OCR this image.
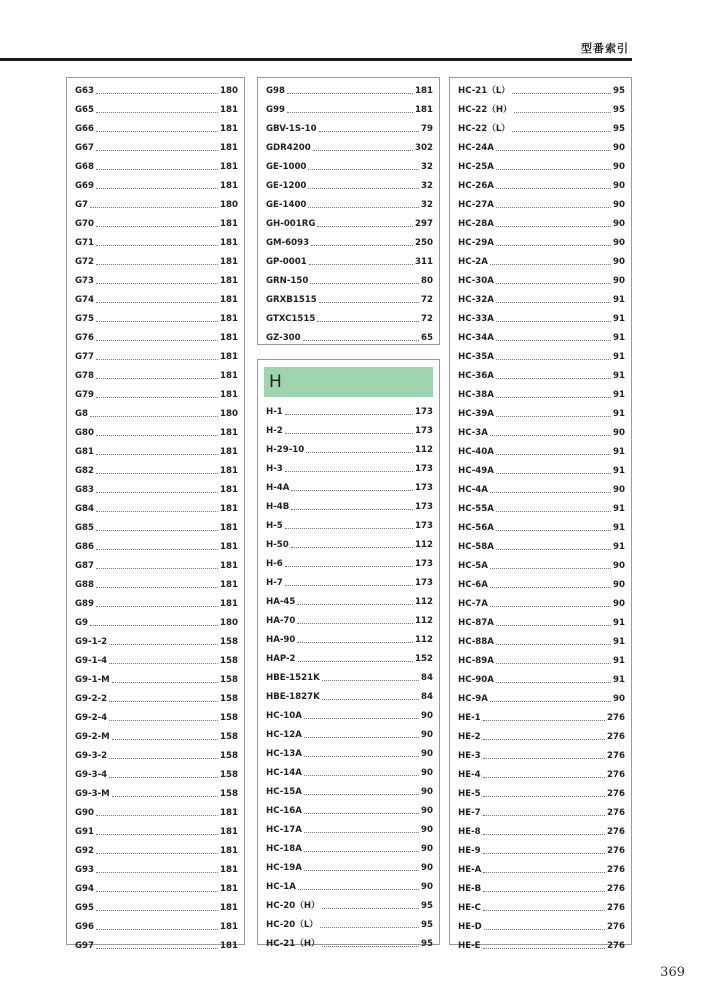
型番索引
G63	180
G65	181
G66	181
G67	181
G68	181
G69	181
G7	180
G70	181
G71	181
G72	181
G73	181
G74	181
G75	181
G76	181
G77	181
G78	181
G79	181
G8	180
G80	181
G81	181
G82	181
G83	181
G84	181
G85	181
G86	181
G87	181
G88	181
G89	181
G9	180
G9-1-2	158
G9-1-4	158
G9-1-M	158
G9-2-2	158
G9-2-4	158
G9-2-M	158
G9-3-2	158
G9-3-4	158
G9-3-M	158
G90	181
G91	181
G92	181
G93	181
G94	181
G95	181
G96	181
G97	181
G98	181
G99	181
GBV-1S-10	79
GDR4200	302
GE-1000	32
GE-1200	32
GE-1400	32
GH-001RG	297
GM-6093	250
GP-0001	311
GRN-150	80
GRXB1515	72
GTXC1515	72
GZ-300	65
H
H-1	173
H-2	173
H-29-10	112
H-3	173
H-4A	173
H-4B	173
H-5	173
H-50	112
H-6	173
H-7	173
HA-45	112
HA-70	112
HA-90	112
HAP-2	152
HBE-1521K	84
HBE-1827K	84
HC-10A	90
HC-12A	90
HC-13A	90
HC-14A	90
HC-15A	90
HC-16A	90
HC-17A	90
HC-18A	90
HC-19A	90
HC-1A	90
HC-20（H）	95
HC-20（L）	95
HC-21（H）	95
HC-21（L）	95
HC-22（H）	95
HC-22（L）	95
HC-24A	90
HC-25A	90
HC-26A	90
HC-27A	90
HC-28A	90
HC-29A	90
HC-2A	90
HC-30A	90
HC-32A	91
HC-33A	91
HC-34A	91
HC-35A	91
HC-36A	91
HC-38A	91
HC-39A	91
HC-3A	90
HC-40A	91
HC-49A	91
HC-4A	90
HC-55A	91
HC-56A	91
HC-58A	91
HC-5A	90
HC-6A	90
HC-7A	90
HC-87A	91
HC-88A	91
HC-89A	91
HC-90A	91
HC-9A	90
HE-1	276
HE-2	276
HE-3	276
HE-4	276
HE-5	276
HE-7	276
HE-8	276
HE-9	276
HE-A	276
HE-B	276
HE-C	276
HE-D	276
HE-E	276
369
